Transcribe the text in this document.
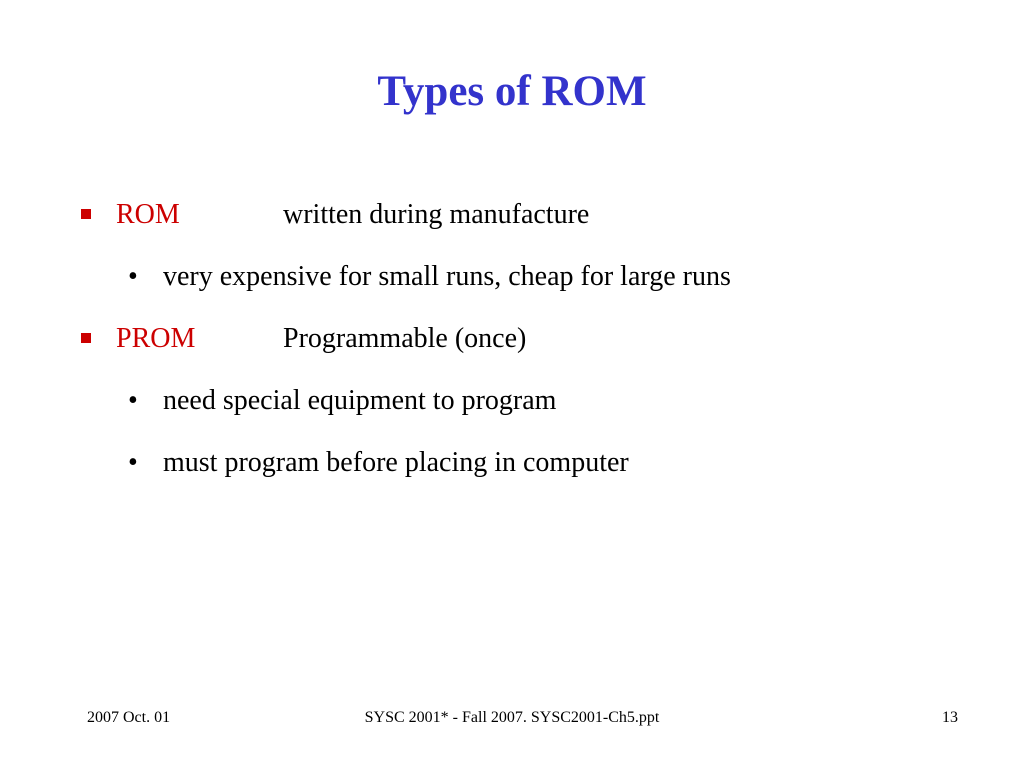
Types of ROM
ROM	written during manufacture
• very expensive for small runs, cheap for large runs
PROM	Programmable (once)
• need special equipment to program
• must program before placing in computer
2007 Oct. 01	SYSC 2001* - Fall 2007. SYSC2001-Ch5.ppt	13
